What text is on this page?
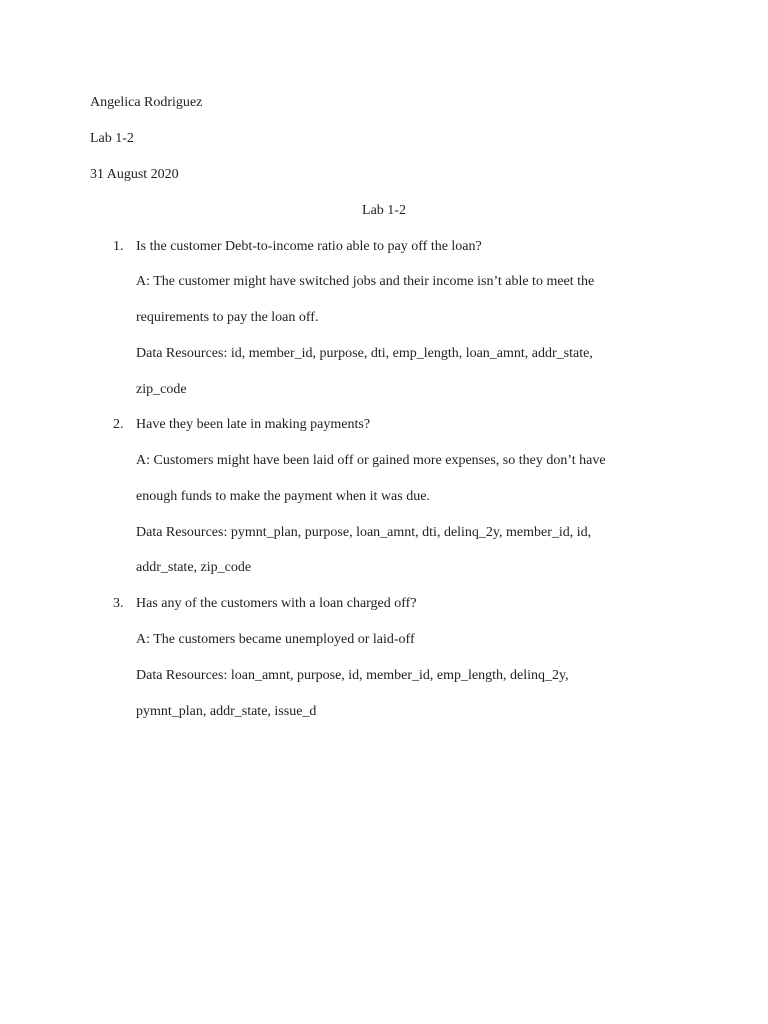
Angelica Rodriguez
Lab 1-2
31 August 2020
Lab 1-2
1. Is the customer Debt-to-income ratio able to pay off the loan?
A: The customer might have switched jobs and their income isn’t able to meet the
requirements to pay the loan off.
Data Resources: id, member_id, purpose, dti, emp_length, loan_amnt, addr_state,
zip_code
2. Have they been late in making payments?
A: Customers might have been laid off or gained more expenses, so they don’t have
enough funds to make the payment when it was due.
Data Resources: pymnt_plan, purpose, loan_amnt, dti, delinq_2y, member_id, id,
addr_state, zip_code
3. Has any of the customers with a loan charged off?
A: The customers became unemployed or laid-off
Data Resources: loan_amnt, purpose, id, member_id, emp_length, delinq_2y,
pymnt_plan, addr_state, issue_d
